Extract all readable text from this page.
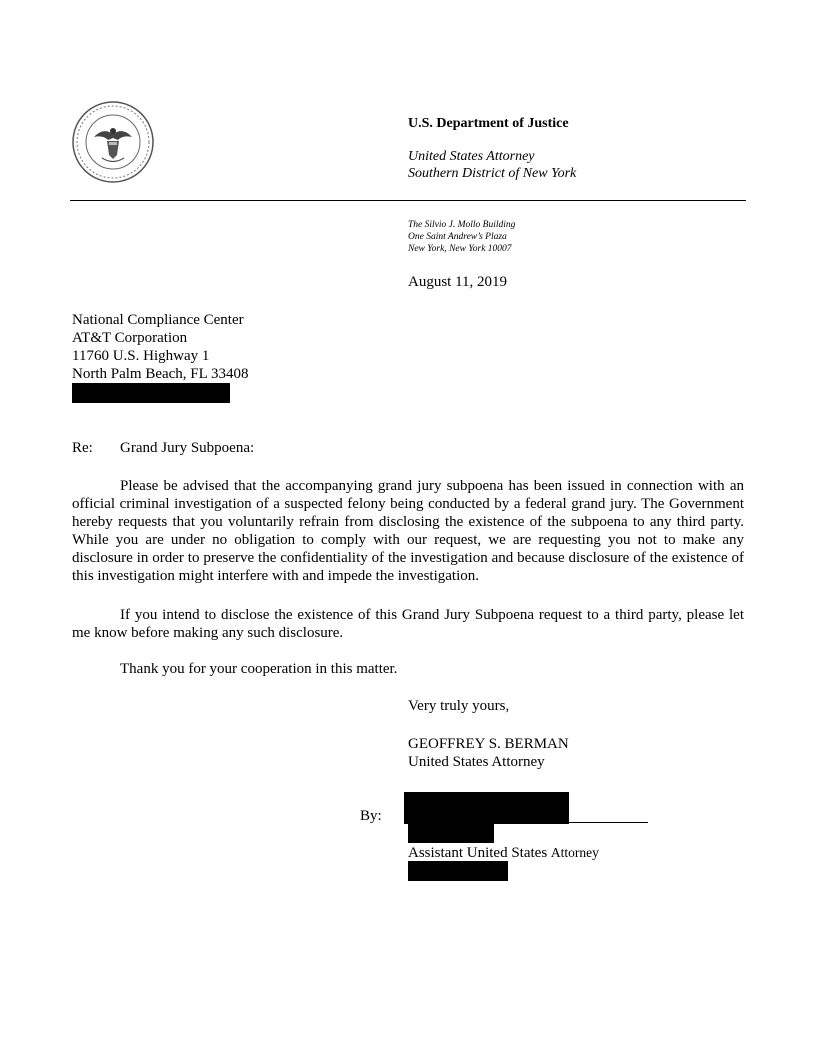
U.S. Department of Justice
United States Attorney
Southern District of New York
The Silvio J. Mollo Building
One Saint Andrew’s Plaza
New York, New York 10007
August 11, 2019
National Compliance Center
AT&T Corporation
11760 U.S. Highway 1
North Palm Beach, FL 33408
Re: Grand Jury Subpoena:
Please be advised that the accompanying grand jury subpoena has been issued in connection with an official criminal investigation of a suspected felony being conducted by a federal grand jury. The Government hereby requests that you voluntarily refrain from disclosing the existence of the subpoena to any third party. While you are under no obligation to comply with our request, we are requesting you not to make any disclosure in order to preserve the confidentiality of the investigation and because disclosure of the existence of this investigation might interfere with and impede the investigation.
If you intend to disclose the existence of this Grand Jury Subpoena request to a third party, please let me know before making any such disclosure.
Thank you for your cooperation in this matter.
Very truly yours,
GEOFFREY S. BERMAN
United States Attorney
By:
Assistant United States Attorney
